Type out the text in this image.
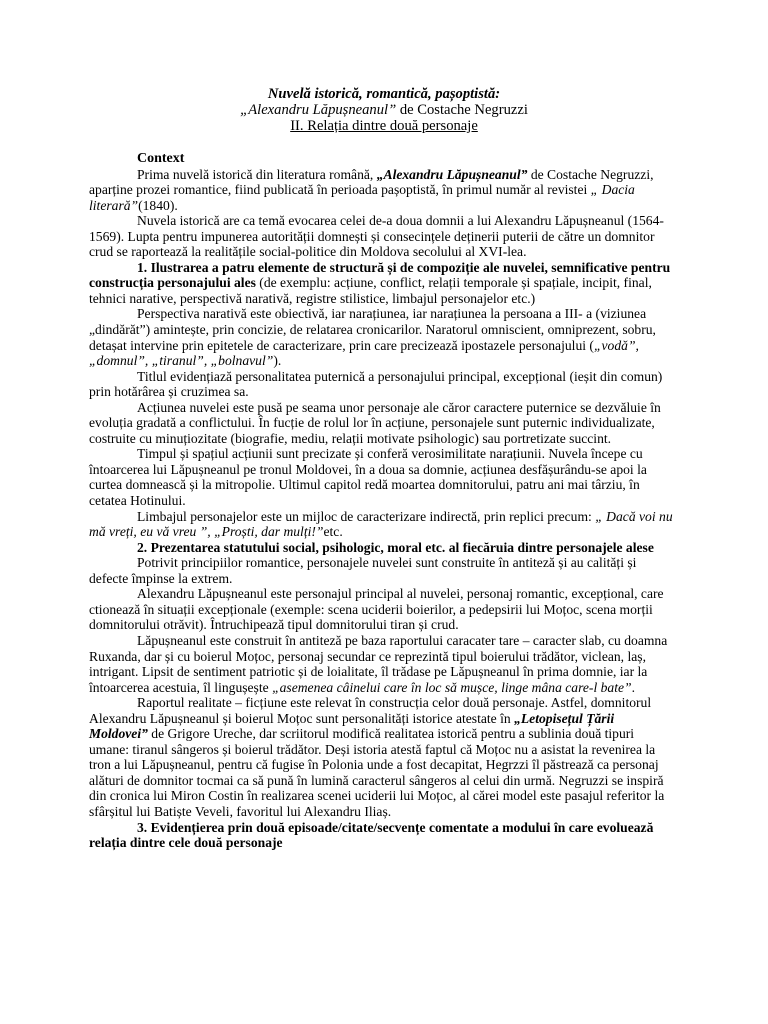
Nuvelă istorică, romantică, pașoptistă:
„Alexandru Lăpușneanul” de Costache Negruzzi
II. Relația dintre două personaje

Context

Prima nuvelă istorică din literatura română, „Alexandru Lăpușneanul” de Costache Negruzzi, aparține prozei romantice, fiind publicată în perioada pașoptistă, în primul număr al revistei „ Dacia literară”(1840).

Nuvela istorică are ca temă evocarea celei de-a doua domnii a lui Alexandru Lăpușneanul (1564-1569). Lupta pentru impunerea autorității domnești și consecințele deținerii puterii de către un domnitor crud se raportează la realitățile social-politice din Moldova secolului al XVI-lea.

1. Ilustrarea a patru elemente de structură și de compoziție ale nuvelei, semnificative pentru construcția personajului ales (de exemplu: acțiune, conflict, relații temporale și spațiale, incipit, final, tehnici narative, perspectivă narativă, registre stilistice, limbajul personajelor etc.)

Perspectiva narativă este obiectivă, iar narațiunea, iar narațiunea la persoana a III- a (viziunea „dindărăt”) amintește, prin concizie, de relatarea cronicarilor. Naratorul omniscient, omniprezent, sobru, detașat intervine prin epitetele de caracterizare, prin care precizează ipostazele personajului („vodă”, „domnul”, „tiranul”, „bolnavul”).

Titlul evidențiază personalitatea puternică a personajului principal, excepțional (ieșit din comun) prin hotărârea și cruzimea sa.

Acțiunea nuvelei este pusă pe seama unor personaje ale căror caractere puternice se dezvăluie în evoluția gradată a conflictului. În fucție de rolul lor în acțiune, personajele sunt puternic individualizate, costruite cu minuțiozitate (biografie, mediu, relații motivate psihologic) sau portretizate succint.

Timpul și spațiul acțiunii sunt precizate și conferă verosimilitate narațiunii. Nuvela începe cu întoarcerea lui Lăpușneanul pe tronul Moldovei, în a doua sa domnie, acțiunea desfășurându-se apoi la curtea domnească și la mitropolie. Ultimul capitol redă moartea domnitorului, patru ani mai târziu, în cetatea Hotinului.

Limbajul personajelor este un mijloc de caracterizare indirectă, prin replici precum: „ Dacă voi nu mă vreți, eu vă vreu ”, „Proști, dar mulți!”etc.

2. Prezentarea statutului social, psihologic, moral etc. al fiecăruia dintre personajele alese

Potrivit principiilor romantice, personajele nuvelei sunt construite în antiteză și au calități și defecte împinse la extrem.

Alexandru Lăpușneanul este personajul principal al nuvelei, personaj romantic, excepțional, care ctionează în situații excepționale (exemple: scena uciderii boierilor, a pedepsirii lui Moțoc, scena morții domnitorului otrăvit). Întruchipează tipul domnitorului tiran și crud.

Lăpușneanul este construit în antiteză pe baza raportului caracater tare – caracter slab, cu doamna Ruxanda, dar și cu boierul Moțoc, personaj secundar ce reprezintă tipul boierului trădător, viclean, laș, intrigant. Lipsit de sentiment patriotic și de loialitate, îl trădase pe Lăpușneanul în prima domnie, iar la întoarcerea acestuia, îl lingușește „asemenea câinelui care în loc să mușce, linge mâna care-l bate”.

Raportul realitate – ficțiune este relevat în construcția celor două personaje. Astfel, domnitorul Alexandru Lăpușneanul și boierul Moțoc sunt personalități istorice atestate în „Letopisețul Țării Moldovei” de Grigore Ureche, dar scriitorul modifică realitatea istorică pentru a sublinia două tipuri umane: tiranul sângeros și boierul trădător. Deși istoria atestă faptul că Moțoc nu a asistat la revenirea la tron a lui Lăpușneanul, pentru că fugise în Polonia unde a fost decapitat, Hegrzzi îl păstrează ca personaj alături de domnitor tocmai ca să pună în lumină caracterul sângeros al celui din urmă. Negruzzi se inspiră din cronica lui Miron Costin în realizarea scenei uciderii lui Moțoc, al cărei model este pasajul referitor la sfârșitul lui Batiște Veveli, favoritul lui Alexandru Iliaș.

3. Evidențierea prin două episoade/citate/secvențe comentate a modului în care evoluează relația dintre cele două personaje
